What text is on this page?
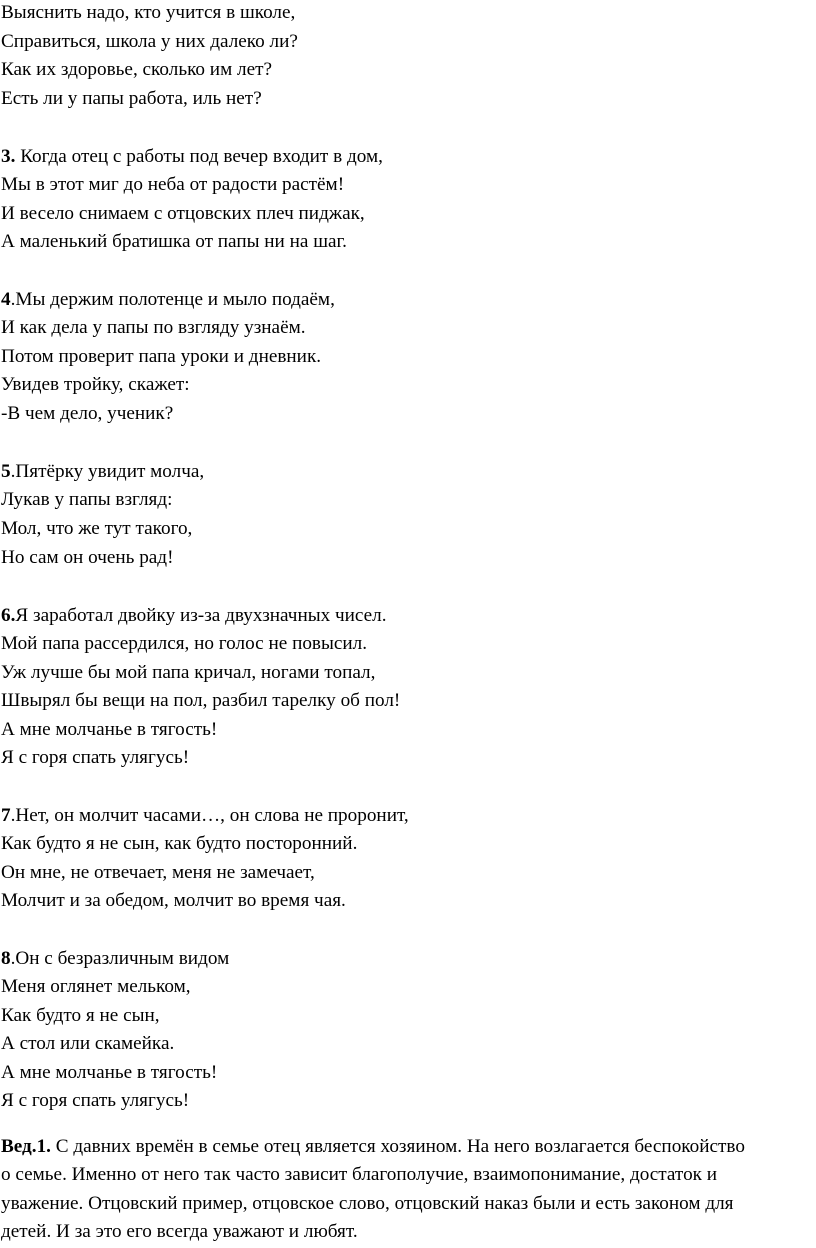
Выяснить надо, кто учится в школе,
Справиться, школа у них далеко ли?
Как их здоровье, сколько им лет?
Есть ли у папы работа, иль нет?
3. Когда отец с работы под вечер входит в дом,
Мы в этот миг до неба от радости растём!
И весело снимаем с отцовских плеч пиджак,
А маленький братишка от папы ни на шаг.
4.Мы держим полотенце и мыло подаём,
И как дела у папы по взгляду узнаём.
Потом проверит папа уроки и дневник.
Увидев тройку, скажет:
-В чем дело, ученик?
5.Пятёрку увидит молча,
Лукав у папы взгляд:
Мол, что же тут такого,
Но сам он очень рад!
6.Я заработал двойку из-за двухзначных чисел.
Мой папа рассердился, но голос не повысил.
Уж лучше бы мой папа кричал, ногами топал,
Швырял бы вещи на пол, разбил тарелку об пол!
А мне молчанье в тягость!
Я с горя спать улягусь!
7.Нет, он молчит часами…, он слова не проронит,
Как будто я не сын, как будто посторонний.
Он мне, не отвечает, меня не замечает,
Молчит и за обедом, молчит во время чая.
8.Он с безразличным видом
Меня оглянет мельком,
Как будто я не сын,
А стол или скамейка.
А мне молчанье в тягость!
Я с горя спать улягусь!
Вед.1. С давних времён в семье отец является хозяином. На него возлагается беспокойство
о семье. Именно от него так часто зависит благополучие, взаимопонимание, достаток и
уважение. Отцовский пример, отцовское слово, отцовский наказ были и есть законом для
детей. И за это его всегда уважают и любят.
